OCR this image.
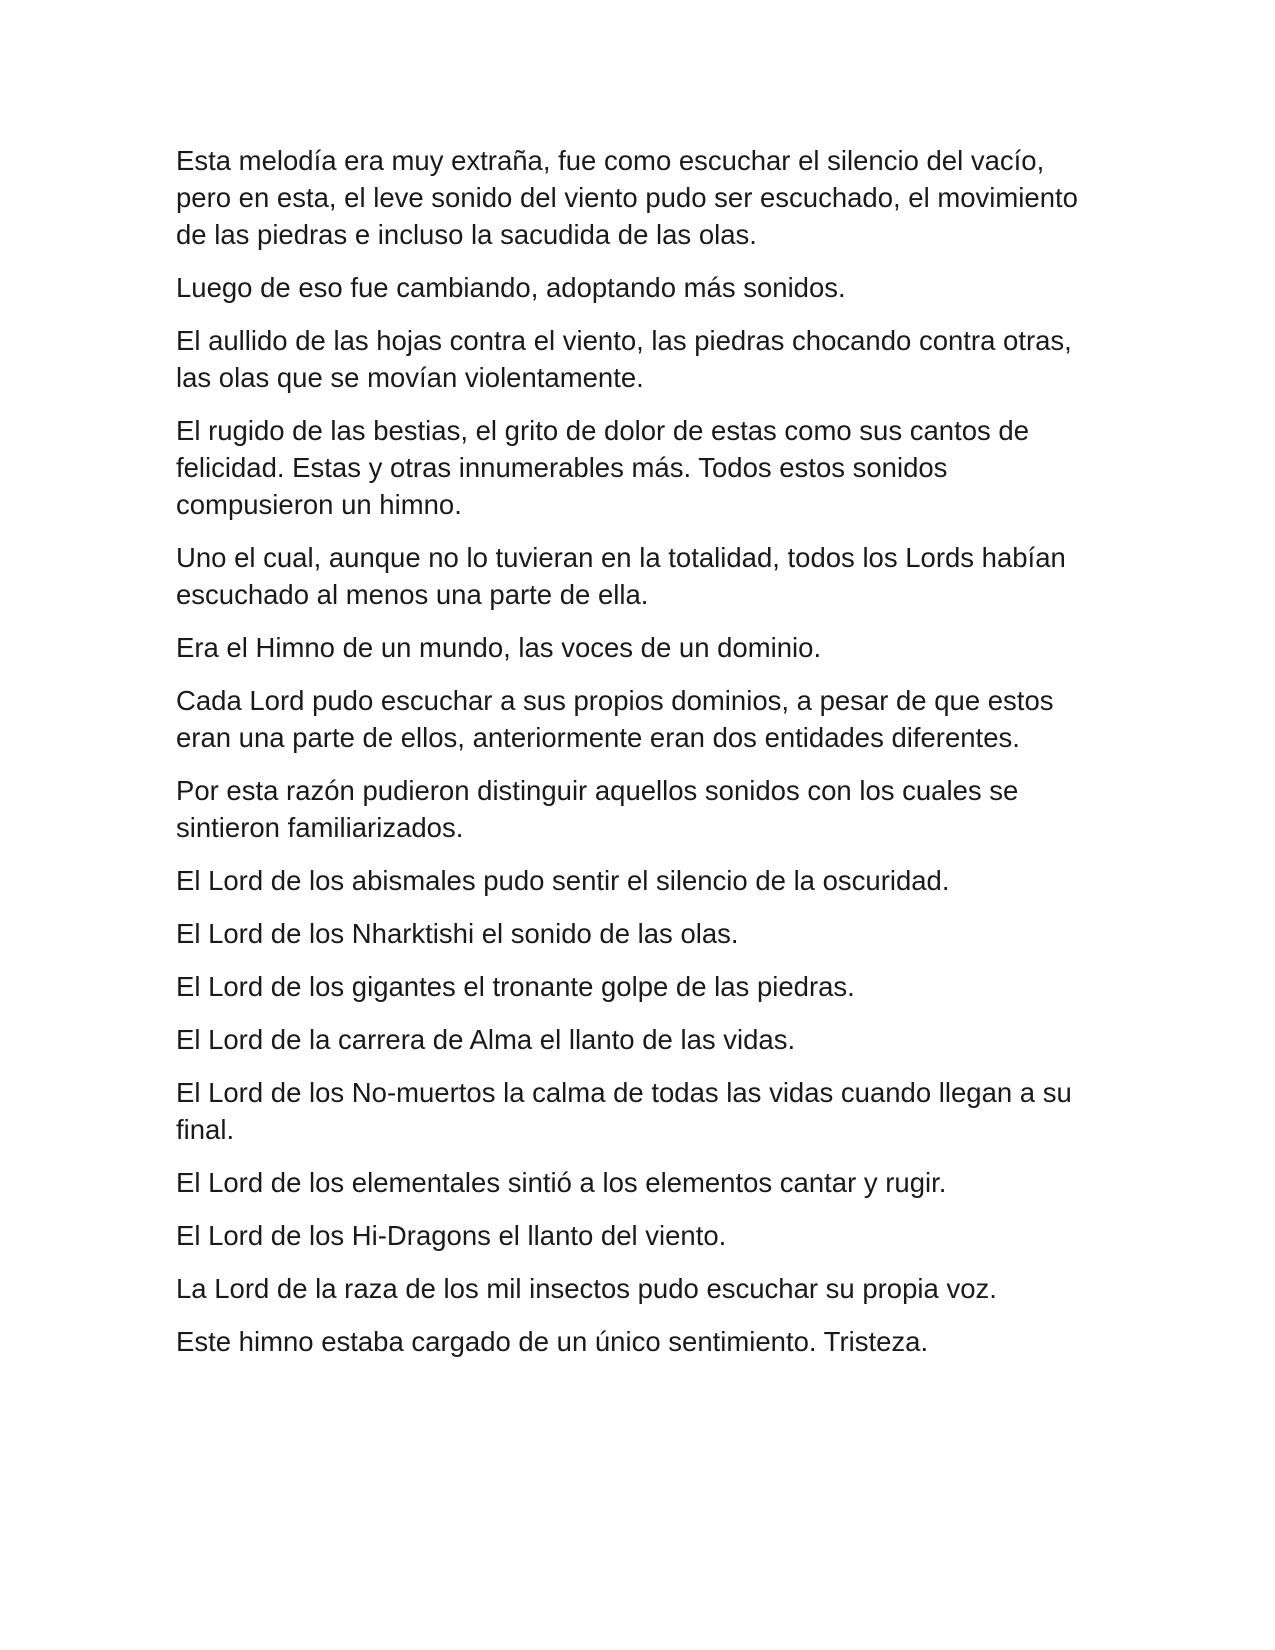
Esta melodía era muy extraña, fue como escuchar el silencio del vacío, pero en esta, el leve sonido del viento pudo ser escuchado, el movimiento de las piedras e incluso la sacudida de las olas.

Luego de eso fue cambiando, adoptando más sonidos.

El aullido de las hojas contra el viento, las piedras chocando contra otras, las olas que se movían violentamente.

El rugido de las bestias, el grito de dolor de estas como sus cantos de felicidad. Estas y otras innumerables más. Todos estos sonidos compusieron un himno.

Uno el cual, aunque no lo tuvieran en la totalidad, todos los Lords habían escuchado al menos una parte de ella.

Era el Himno de un mundo, las voces de un dominio.

Cada Lord pudo escuchar a sus propios dominios, a pesar de que estos eran una parte de ellos, anteriormente eran dos entidades diferentes.

Por esta razón pudieron distinguir aquellos sonidos con los cuales se sintieron familiarizados.

El Lord de los abismales pudo sentir el silencio de la oscuridad.

El Lord de los Nharktishi el sonido de las olas.

El Lord de los gigantes el tronante golpe de las piedras.

El Lord de la carrera de Alma el llanto de las vidas.

El Lord de los No-muertos la calma de todas las vidas cuando llegan a su final.

El Lord de los elementales sintió a los elementos cantar y rugir.

El Lord de los Hi-Dragons el llanto del viento.

La Lord de la raza de los mil insectos pudo escuchar su propia voz.

Este himno estaba cargado de un único sentimiento. Tristeza.
